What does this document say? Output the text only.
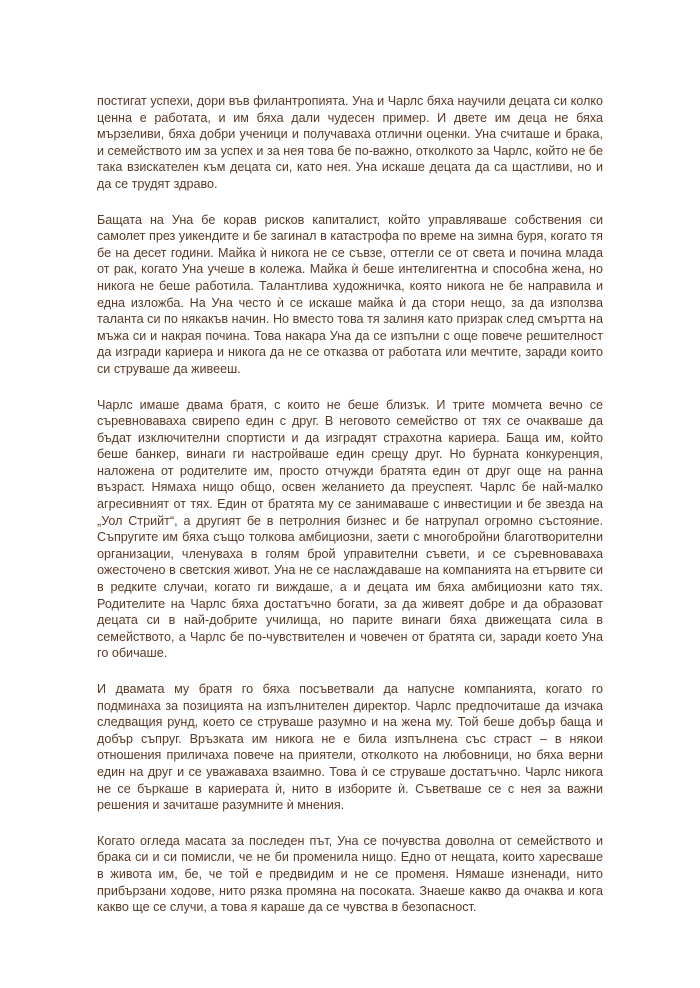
постигат успехи, дори във филантропията. Уна и Чарлс бяха научили децата си колко ценна е работата, и им бяха дали чудесен пример. И двете им деца не бяха мързеливи, бяха добри ученици и получаваха отлични оценки. Уна считаше и брака, и семейството им за успех и за нея това бе по-важно, отколкото за Чарлс, който не бе така взискателен към децата си, като нея. Уна искаше децата да са щастливи, но и да се трудят здраво.

Бащата на Уна бе корав рисков капиталист, който управляваше собствения си самолет през уикендите и бе загинал в катастрофа по време на зимна буря, когато тя бе на десет години. Майка ѝ никога не се съвзе, оттегли се от света и почина млада от рак, когато Уна учеше в колежа. Майка ѝ беше интелигентна и способна жена, но никога не беше работила. Талантлива художничка, която никога не бе направила и една изложба. На Уна често ѝ се искаше майка ѝ да стори нещо, за да използва таланта си по някакъв начин. Но вместо това тя залиня като призрак след смъртта на мъжа си и накрая почина. Това накара Уна да се изпълни с още повече решителност да изгради кариера и никога да не се отказва от работата или мечтите, заради които си струваше да живееш.

Чарлс имаше двама братя, с които не беше близък. И трите момчета вечно се съревноваваха свирепо един с друг. В неговото семейство от тях се очакваше да бъдат изключителни спортисти и да изградят страхотна кариера. Баща им, който беше банкер, винаги ги настройваше един срещу друг. Но бурната конкуренция, наложена от родителите им, просто отчужди братята един от друг още на ранна възраст. Нямаха нищо общо, освен желанието да преуспеят. Чарлс бе най-малко агресивният от тях. Един от братята му се занимаваше с инвестиции и бе звезда на „Уол Стрийт“, а другият бе в петролния бизнес и бе натрупал огромно състояние. Съпругите им бяха също толкова амбициозни, заети с многобройни благотворителни организации, членуваха в голям брой управителни съвети, и се съревноваваха ожесточено в светския живот. Уна не се наслаждаваше на компанията на етървите си в редките случаи, когато ги виждаше, а и децата им бяха амбициозни като тях. Родителите на Чарлс бяха достатъчно богати, за да живеят добре и да образоват децата си в най-добрите училища, но парите винаги бяха движещата сила в семейството, а Чарлс бе по-чувствителен и човечен от братята си, заради което Уна го обичаше.

И двамата му братя го бяха посъветвали да напусне компанията, когато го подминаха за позицията на изпълнителен директор. Чарлс предпочиташе да изчака следващия рунд, което се струваше разумно и на жена му. Той беше добър баща и добър съпруг. Връзката им никога не е била изпълнена със страст – в някои отношения приличаха повече на приятели, отколкото на любовници, но бяха верни един на друг и се уважаваха взаимно. Това ѝ се струваше достатъчно. Чарлс никога не се бъркаше в кариерата ѝ, нито в изборите ѝ. Съветваше се с нея за важни решения и зачиташе разумните ѝ мнения.

Когато огледа масата за последен път, Уна се почувства доволна от семейството и брака си и си помисли, че не би променила нищо. Едно от нещата, които харесваше в живота им, бе, че той е предвидим и не се променя. Нямаше изненади, нито прибързани ходове, нито рязка промяна на посоката. Знаеше какво да очаква и кога какво ще се случи, а това я караше да се чувства в безопасност.
